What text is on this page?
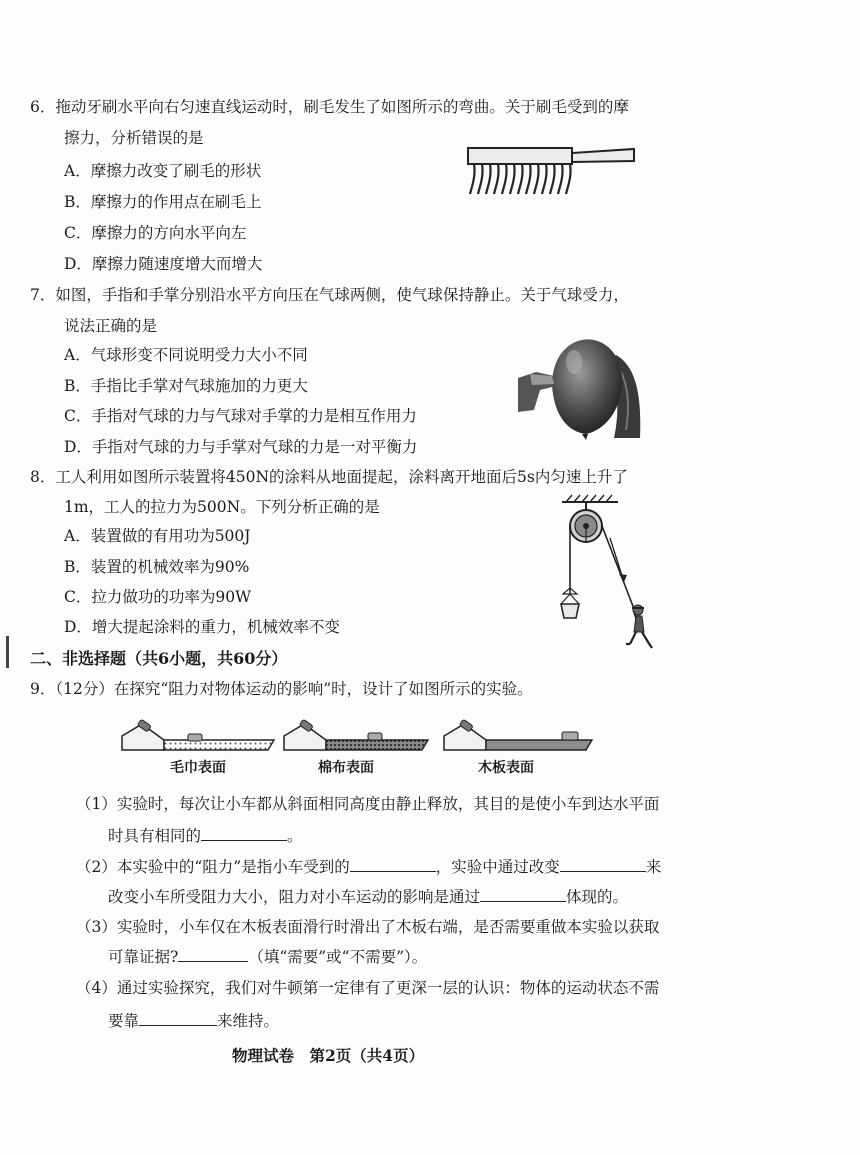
6．拖动牙刷水平向右匀速直线运动时，刷毛发生了如图所示的弯曲。关于刷毛受到的摩
擦力，分析错误的是
A．摩擦力改变了刷毛的形状
B．摩擦力的作用点在刷毛上
C．摩擦力的方向水平向左
D．摩擦力随速度增大而增大
7．如图，手指和手掌分别沿水平方向压在气球两侧，使气球保持静止。关于气球受力，
说法正确的是
A．气球形变不同说明受力大小不同
B．手指比手掌对气球施加的力更大
C．手指对气球的力与气球对手掌的力是相互作用力
D．手指对气球的力与手掌对气球的力是一对平衡力
8．工人利用如图所示装置将450N的涂料从地面提起，涂料离开地面后5s内匀速上升了
1m，工人的拉力为500N。下列分析正确的是
A．装置做的有用功为500J
B．装置的机械效率为90%
C．拉力做功的功率为90W
D．增大提起涂料的重力，机械效率不变
二、非选择题（共6小题，共60分）
9．（12分）在探究“阻力对物体运动的影响”时，设计了如图所示的实验。
毛巾表面	棉布表面	木板表面
（1）实验时，每次让小车都从斜面相同高度由静止释放，其目的是使小车到达水平面
时具有相同的	。
（2）本实验中的“阻力”是指小车受到的	，实验中通过改变	来
改变小车所受阻力大小，阻力对小车运动的影响是通过	体现的。
（3）实验时，小车仅在木板表面滑行时滑出了木板右端，是否需要重做本实验以获取
可靠证据?	（填“需要”或“不需要”）。
（4）通过实验探究，我们对牛顿第一定律有了更深一层的认识：物体的运动状态不需
要靠	来维持。
物理试卷　第2页（共4页）
